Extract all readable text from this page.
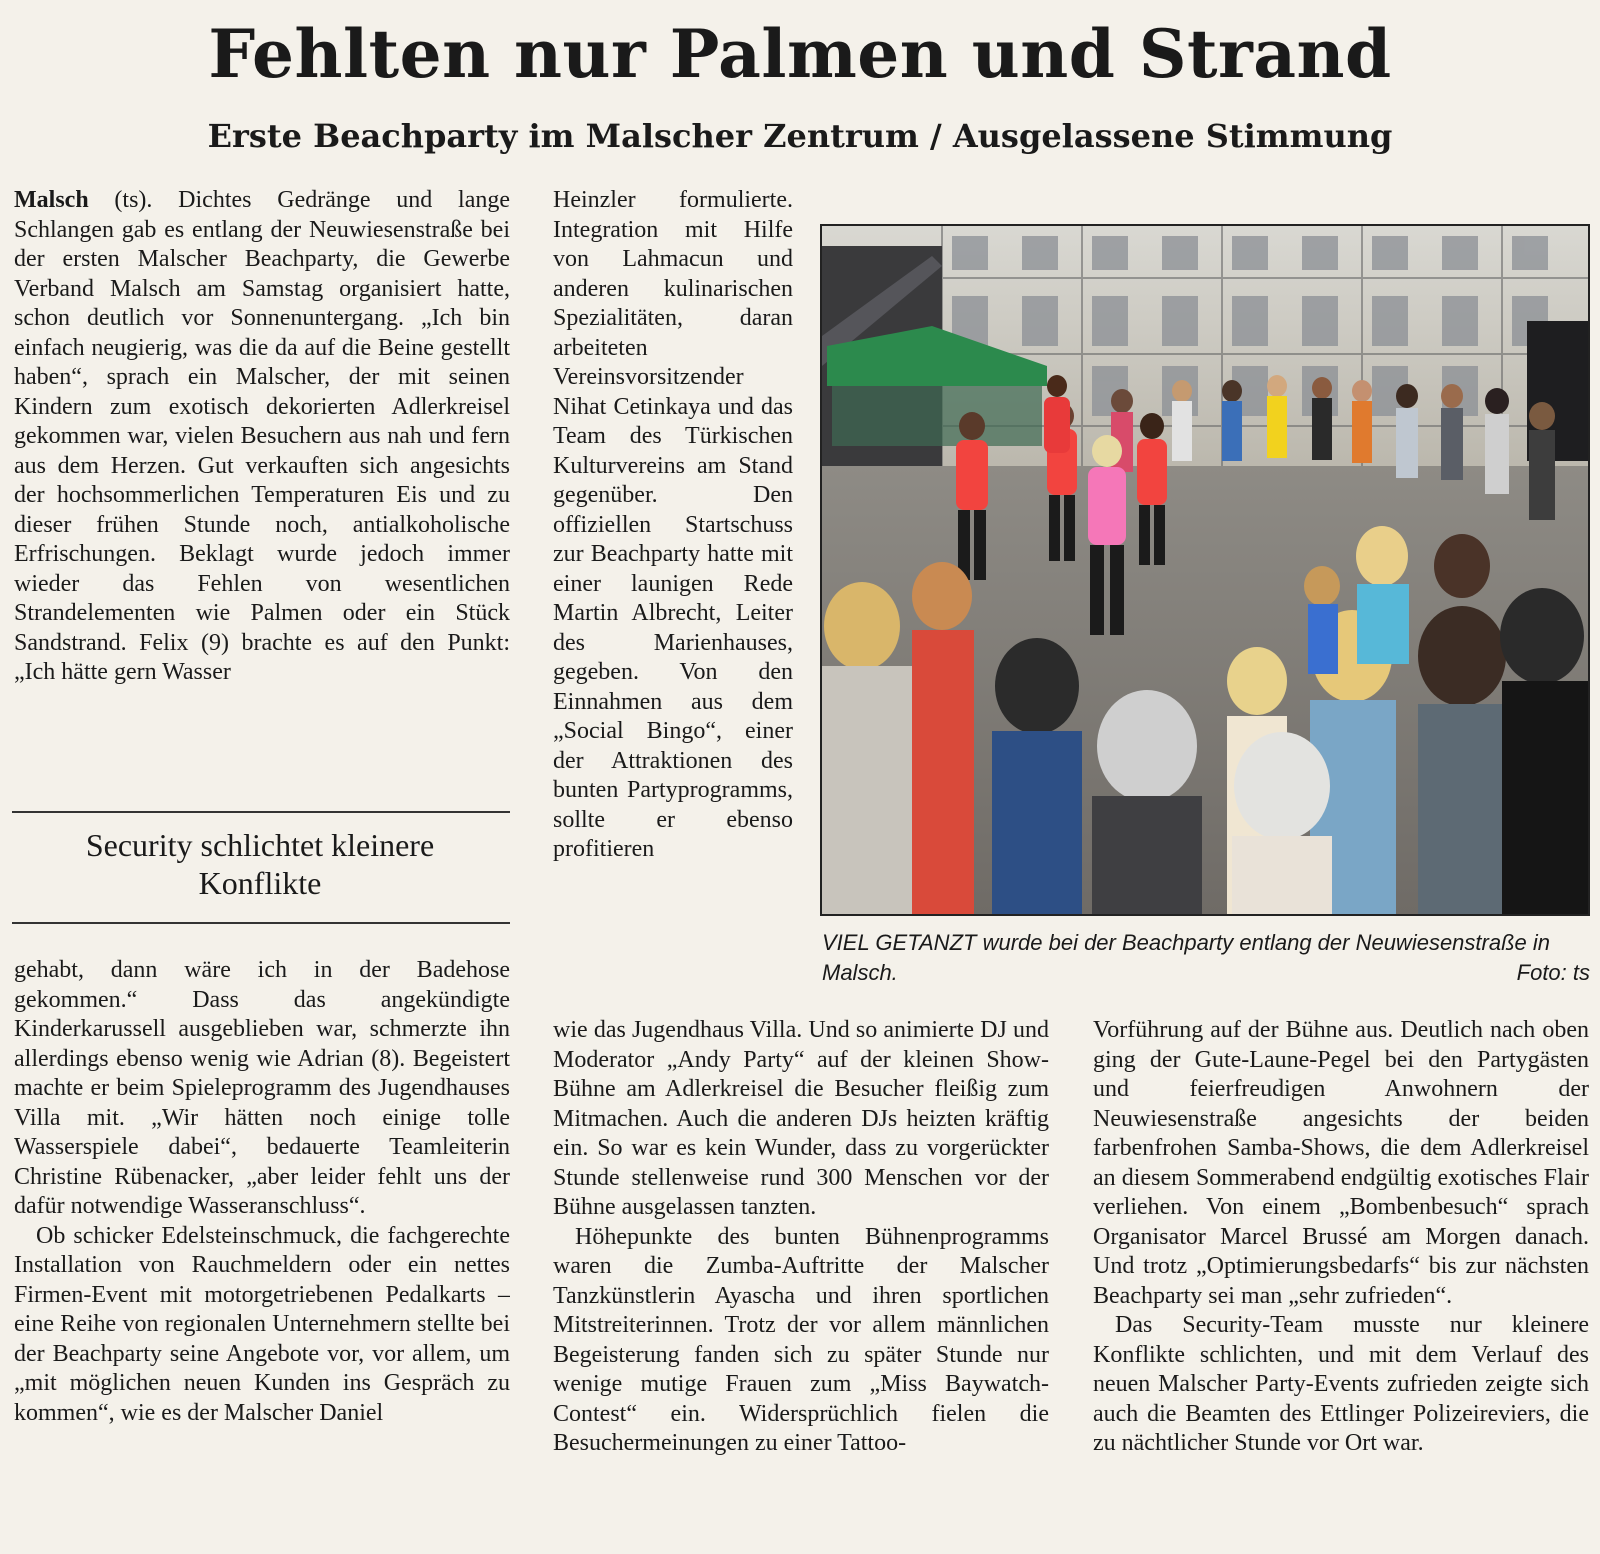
Fehlten nur Palmen und Strand
Erste Beachparty im Malscher Zentrum / Ausgelassene Stimmung

Malsch (ts). Dichtes Gedränge und lange Schlangen gab es entlang der Neuwiesenstraße bei der ersten Malscher Beachparty, die Gewerbe Verband Malsch am Samstag organisiert hatte, schon deutlich vor Sonnenuntergang. „Ich bin einfach neugierig, was die da auf die Beine gestellt haben“, sprach ein Malscher, der mit seinen Kindern zum exotisch dekorierten Adlerkreisel gekommen war, vielen Besuchern aus nah und fern aus dem Herzen. Gut verkauften sich angesichts der hochsommerlichen Temperaturen Eis und zu dieser frühen Stunde noch, antialkoholische Erfrischungen. Beklagt wurde jedoch immer wieder das Fehlen von wesentlichen Strandelementen wie Palmen oder ein Stück Sandstrand. Felix (9) brachte es auf den Punkt: „Ich hätte gern Wasser

Security schlichtet kleinere Konflikte

gehabt, dann wäre ich in der Badehose gekommen.“ Dass das angekündigte Kinderkarussell ausgeblieben war, schmerzte ihn allerdings ebenso wenig wie Adrian (8). Begeistert machte er beim Spieleprogramm des Jugendhauses Villa mit. „Wir hätten noch einige tolle Wasserspiele dabei“, bedauerte Teamleiterin Christine Rübenacker, „aber leider fehlt uns der dafür notwendige Wasseranschluss“.

Ob schicker Edelsteinschmuck, die fachgerechte Installation von Rauchmeldern oder ein nettes Firmen-Event mit motorgetriebenen Pedalkarts – eine Reihe von regionalen Unternehmern stellte bei der Beachparty seine Angebote vor, vor allem, um „mit möglichen neuen Kunden ins Gespräch zu kommen“, wie es der Malscher Daniel

Heinzler formulierte. Integration mit Hilfe von Lahmacun und anderen kulinarischen Spezialitäten, daran arbeiteten Vereinsvorsitzender Nihat Cetinkaya und das Team des Türkischen Kulturvereins am Stand gegenüber. Den offiziellen Startschuss zur Beachparty hatte mit einer launigen Rede Martin Albrecht, Leiter des Marienhauses, gegeben. Von den Einnahmen aus dem „Social Bingo“, einer der Attraktionen des bunten Partyprogramms, sollte er ebenso profitieren

VIEL GETANZT wurde bei der Beachparty entlang der Neuwiesenstraße in Malsch.	Foto: ts

wie das Jugendhaus Villa. Und so animierte DJ und Moderator „Andy Party“ auf der kleinen Show-Bühne am Adlerkreisel die Besucher fleißig zum Mitmachen. Auch die anderen DJs heizten kräftig ein. So war es kein Wunder, dass zu vorgerückter Stunde stellenweise rund 300 Menschen vor der Bühne ausgelassen tanzten.

Höhepunkte des bunten Bühnenprogramms waren die Zumba-Auftritte der Malscher Tanzkünstlerin Ayascha und ihren sportlichen Mitstreiterinnen. Trotz der vor allem männlichen Begeisterung fanden sich zu später Stunde nur wenige mutige Frauen zum „Miss Baywatch-Contest“ ein. Widersprüchlich fielen die Besuchermeinungen zu einer Tattoo-

Vorführung auf der Bühne aus. Deutlich nach oben ging der Gute-Laune-Pegel bei den Partygästen und feierfreudigen Anwohnern der Neuwiesenstraße angesichts der beiden farbenfrohen Samba-Shows, die dem Adlerkreisel an diesem Sommerabend endgültig exotisches Flair verliehen. Von einem „Bombenbesuch“ sprach Organisator Marcel Brussé am Morgen danach. Und trotz „Optimierungsbedarfs“ bis zur nächsten Beachparty sei man „sehr zufrieden“.

Das Security-Team musste nur kleinere Konflikte schlichten, und mit dem Verlauf des neuen Malscher Party-Events zufrieden zeigte sich auch die Beamten des Ettlinger Polizeireviers, die zu nächtlicher Stunde vor Ort war.
